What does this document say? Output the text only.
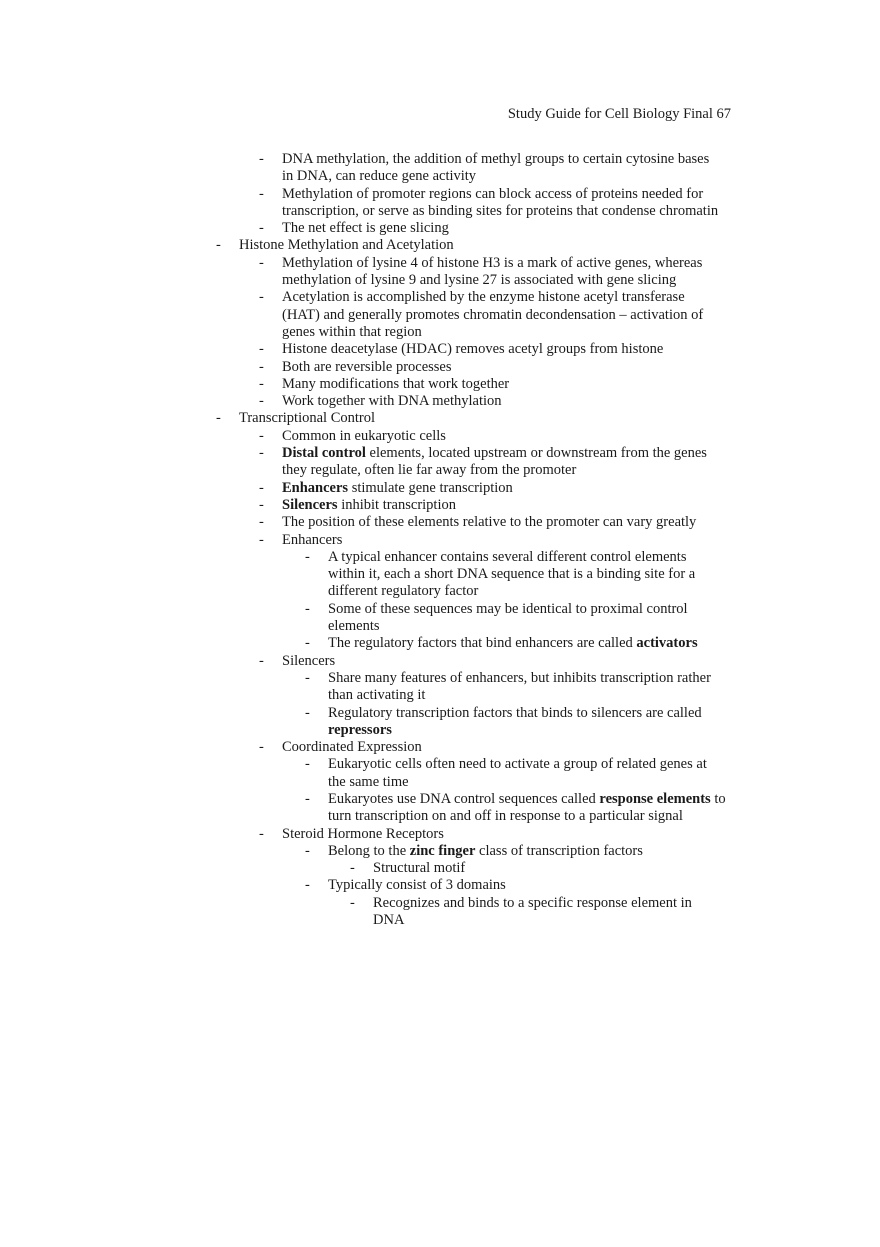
Study Guide for Cell Biology Final 67
- DNA methylation, the addition of methyl groups to certain cytosine bases in DNA, can reduce gene activity
- Methylation of promoter regions can block access of proteins needed for transcription, or serve as binding sites for proteins that condense chromatin
- The net effect is gene slicing
- Histone Methylation and Acetylation
- Methylation of lysine 4 of histone H3 is a mark of active genes, whereas methylation of lysine 9 and lysine 27 is associated with gene slicing
- Acetylation is accomplished by the enzyme histone acetyl transferase (HAT) and generally promotes chromatin decondensation – activation of genes within that region
- Histone deacetylase (HDAC) removes acetyl groups from histone
- Both are reversible processes
- Many modifications that work together
- Work together with DNA methylation
- Transcriptional Control
- Common in eukaryotic cells
- Distal control elements, located upstream or downstream from the genes they regulate, often lie far away from the promoter
- Enhancers stimulate gene transcription
- Silencers inhibit transcription
- The position of these elements relative to the promoter can vary greatly
- Enhancers
- A typical enhancer contains several different control elements within it, each a short DNA sequence that is a binding site for a different regulatory factor
- Some of these sequences may be identical to proximal control elements
- The regulatory factors that bind enhancers are called activators
- Silencers
- Share many features of enhancers, but inhibits transcription rather than activating it
- Regulatory transcription factors that binds to silencers are called repressors
- Coordinated Expression
- Eukaryotic cells often need to activate a group of related genes at the same time
- Eukaryotes use DNA control sequences called response elements to turn transcription on and off in response to a particular signal
- Steroid Hormone Receptors
- Belong to the zinc finger class of transcription factors
- Structural motif
- Typically consist of 3 domains
- Recognizes and binds to a specific response element in DNA
